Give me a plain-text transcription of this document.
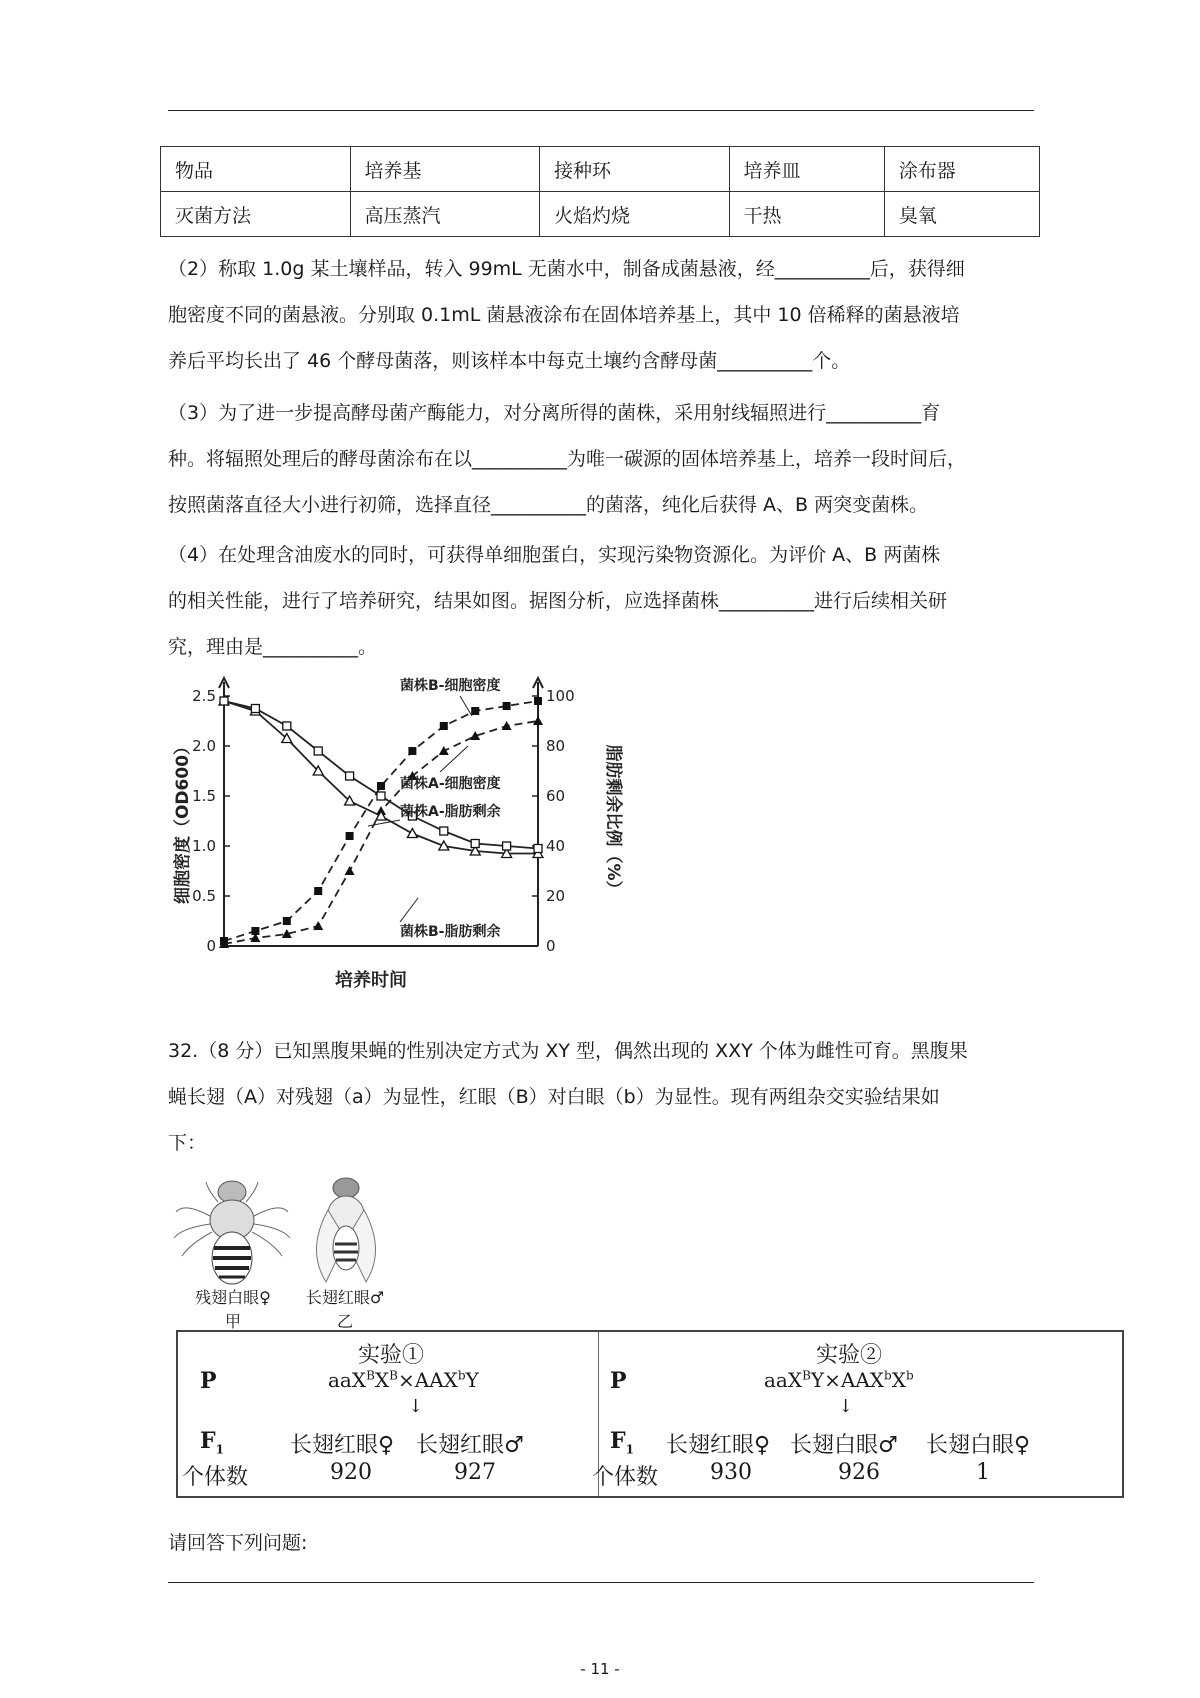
物品	培养基	接种环	培养皿	涂布器
灭菌方法	高压蒸汽	火焰灼烧	干热	臭氧
（2）称取 1.0g 某土壤样品，转入 99mL 无菌水中，制备成菌悬液，经__________后，获得细
胞密度不同的菌悬液。分别取 0.1mL 菌悬液涂布在固体培养基上，其中 10 倍稀释的菌悬液培
养后平均长出了 46 个酵母菌落，则该样本中每克土壤约含酵母菌__________个。
（3）为了进一步提高酵母菌产酶能力，对分离所得的菌株，采用射线辐照进行__________育
种。将辐照处理后的酵母菌涂布在以__________为唯一碳源的固体培养基上，培养一段时间后，
按照菌落直径大小进行初筛，选择直径__________的菌落，纯化后获得 A、B 两突变菌株。
（4）在处理含油废水的同时，可获得单细胞蛋白，实现污染物资源化。为评价 A、B 两菌株
的相关性能，进行了培养研究，结果如图。据图分析，应选择菌株__________进行后续相关研
究，理由是__________。
0
0.5
1.0
1.5
2.0
2.5
0
20
40
60
80
100
培养时间
细胞密度（OD600）	脂肪剩余比例（%）
菌株B-细胞密度
菌株A-细胞密度
菌株A-脂肪剩余
菌株B-脂肪剩余
残翅白眼♀
甲
长翅红眼♂
乙
32.（8 分）已知黑腹果蝇的性别决定方式为 XY 型，偶然出现的 XXY 个体为雌性可育。黑腹果
蝇长翅（A）对残翅（a）为显性，红眼（B）对白眼（b）为显性。现有两组杂交实验结果如
下：
实验①
P	$aaX^BX^B\times AAX^bY$
↓
$F_1$	长翅红眼♀ 长翅红眼♂
个体数	920	927
实验②
P	$aaX^BY\times AAX^bX^b$
↓
$F_1$ 长翅红眼♀ 长翅白眼♂ 长翅白眼♀
个体数 930	926	1
请回答下列问题:
- 11 -
